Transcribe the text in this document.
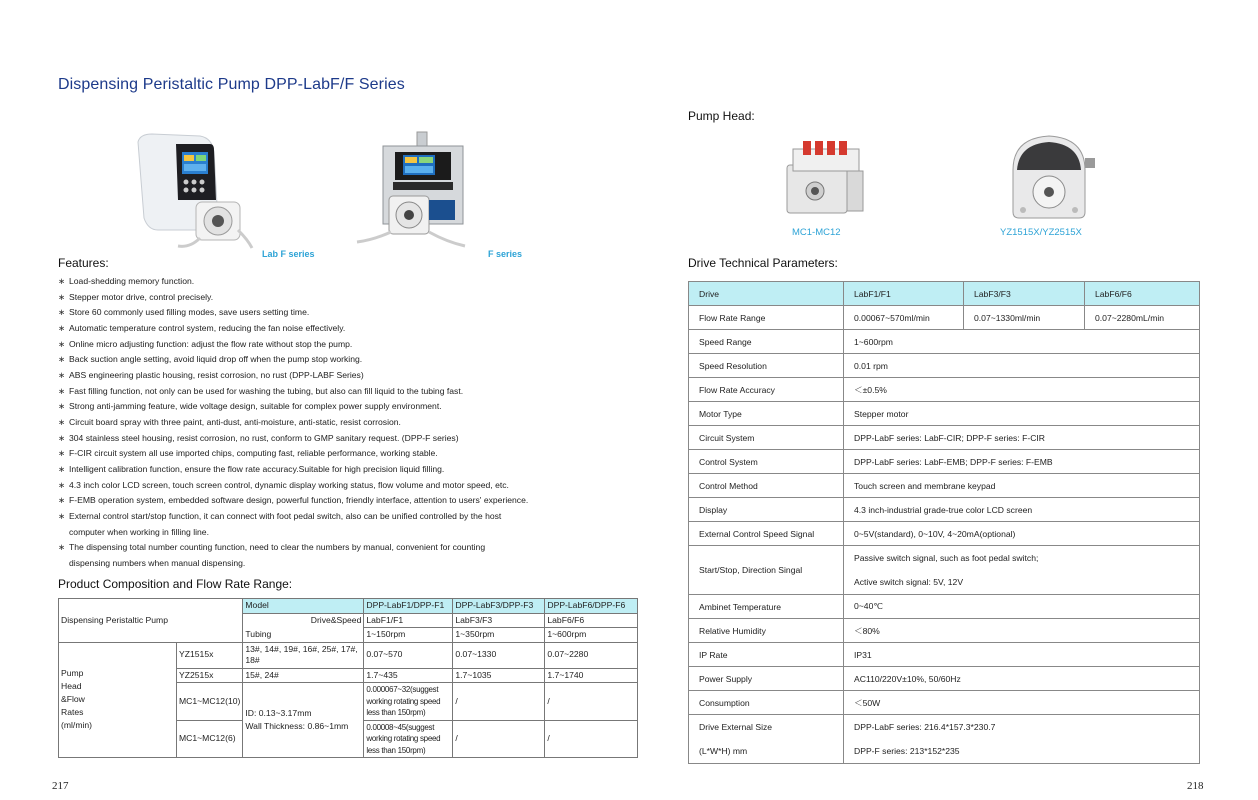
Dispensing Peristaltic Pump DPP-LabF/F Series
Lab F series	F series
Features:
∗ Load-shedding memory function.
∗ Stepper motor drive, control precisely.
∗ Store 60 commonly used filling modes, save users setting time.
∗ Automatic temperature control system, reducing the fan noise effectively.
∗ Online micro adjusting function: adjust the flow rate without stop the pump.
∗ Back suction angle setting, avoid liquid drop off when the pump stop working.
∗ ABS engineering plastic housing, resist corrosion, no rust (DPP-LABF Series)
∗ Fast filling function, not only can be used for washing the tubing, but also can fill liquid to the tubing fast.
∗ Strong anti-jamming feature, wide voltage design, suitable for complex power supply environment.
∗ Circuit board spray with three paint, anti-dust, anti-moisture, anti-static, resist corrosion.
∗ 304 stainless steel housing, resist corrosion, no rust, conform to GMP sanitary request. (DPP-F series)
∗ F-CIR circuit system all use imported chips, computing fast, reliable performance, working stable.
∗ Intelligent calibration function, ensure the flow rate accuracy.Suitable for high precision liquid filling.
∗ 4.3 inch color LCD screen, touch screen control, dynamic display working status, flow volume and motor speed, etc.
∗ F-EMB operation system, embedded software design, powerful function, friendly interface, attention to users' experience.
∗ External control start/stop function, it can connect with foot pedal switch, also can be unified controlled by the host
computer when working in filling line.
∗ The dispensing total number counting function, need to clear the numbers by manual, convenient for counting
dispensing numbers when manual dispensing.
Product Composition and Flow Rate Range:
Dispensing Peristaltic Pump		Model	DPP-LabF1/DPP-F1	DPP-LabF3/DPP-F3	DPP-LabF6/DPP-F6
		Drive&Speed	LabF1/F1	LabF3/F3	LabF6/F6
		Tubing	1~150rpm	1~350rpm	1~600rpm

Pump Head &Flow Rates (ml/min)	YZ1515x	13#, 14#, 19#, 16#, 25#, 17#, 18#	0.07~570	0.07~1330	0.07~2280
	YZ2515x	15#, 24#	1.7~435	1.7~1035	1.7~1740
	MC1~MC12(10)	ID: 0.13~3.17mm	0.000067~32(suggest working rotating speed less than 150rpm)	/	/
	MC1~MC12(6)	Wall Thickness: 0.86~1mm	0.00008~45(suggest working rotating speed less than 150rpm)	/	/
Pump Head:
MC1-MC12	YZ1515X/YZ2515X
Drive Technical Parameters:
Drive	LabF1/F1	LabF3/F3	LabF6/F6
Flow Rate Range	0.00067~570ml/min	0.07~1330ml/min	0.07~2280mL/min
Speed Range	1~600rpm		
Speed Resolution	0.01 rpm		
Flow Rate Accuracy	＜±0.5%		
Motor Type	Stepper motor		
Circuit System	DPP-LabF series: LabF-CIR; DPP-F series: F-CIR		
Control System	DPP-LabF series: LabF-EMB; DPP-F series: F-EMB		
Control Method	Touch screen and membrane keypad		
Display	4.3 inch-industrial grade-true color LCD screen		
External Control Speed Signal	0~5V(standard), 0~10V, 4~20mA(optional)		
Start/Stop, Direction Singal	Passive switch signal, such as foot pedal switch;
Active switch signal: 5V, 12V		

Ambinet Temperature	0~40℃		
Relative Humidity	＜80%		
IP Rate	IP31		
Power Supply	AC110/220V±10%, 50/60Hz		
Consumption	＜50W		

Drive External Size
(L*W*H) mm	DPP-LabF series: 216.4*157.3*230.7
DPP-F series: 213*152*235		
217	218
